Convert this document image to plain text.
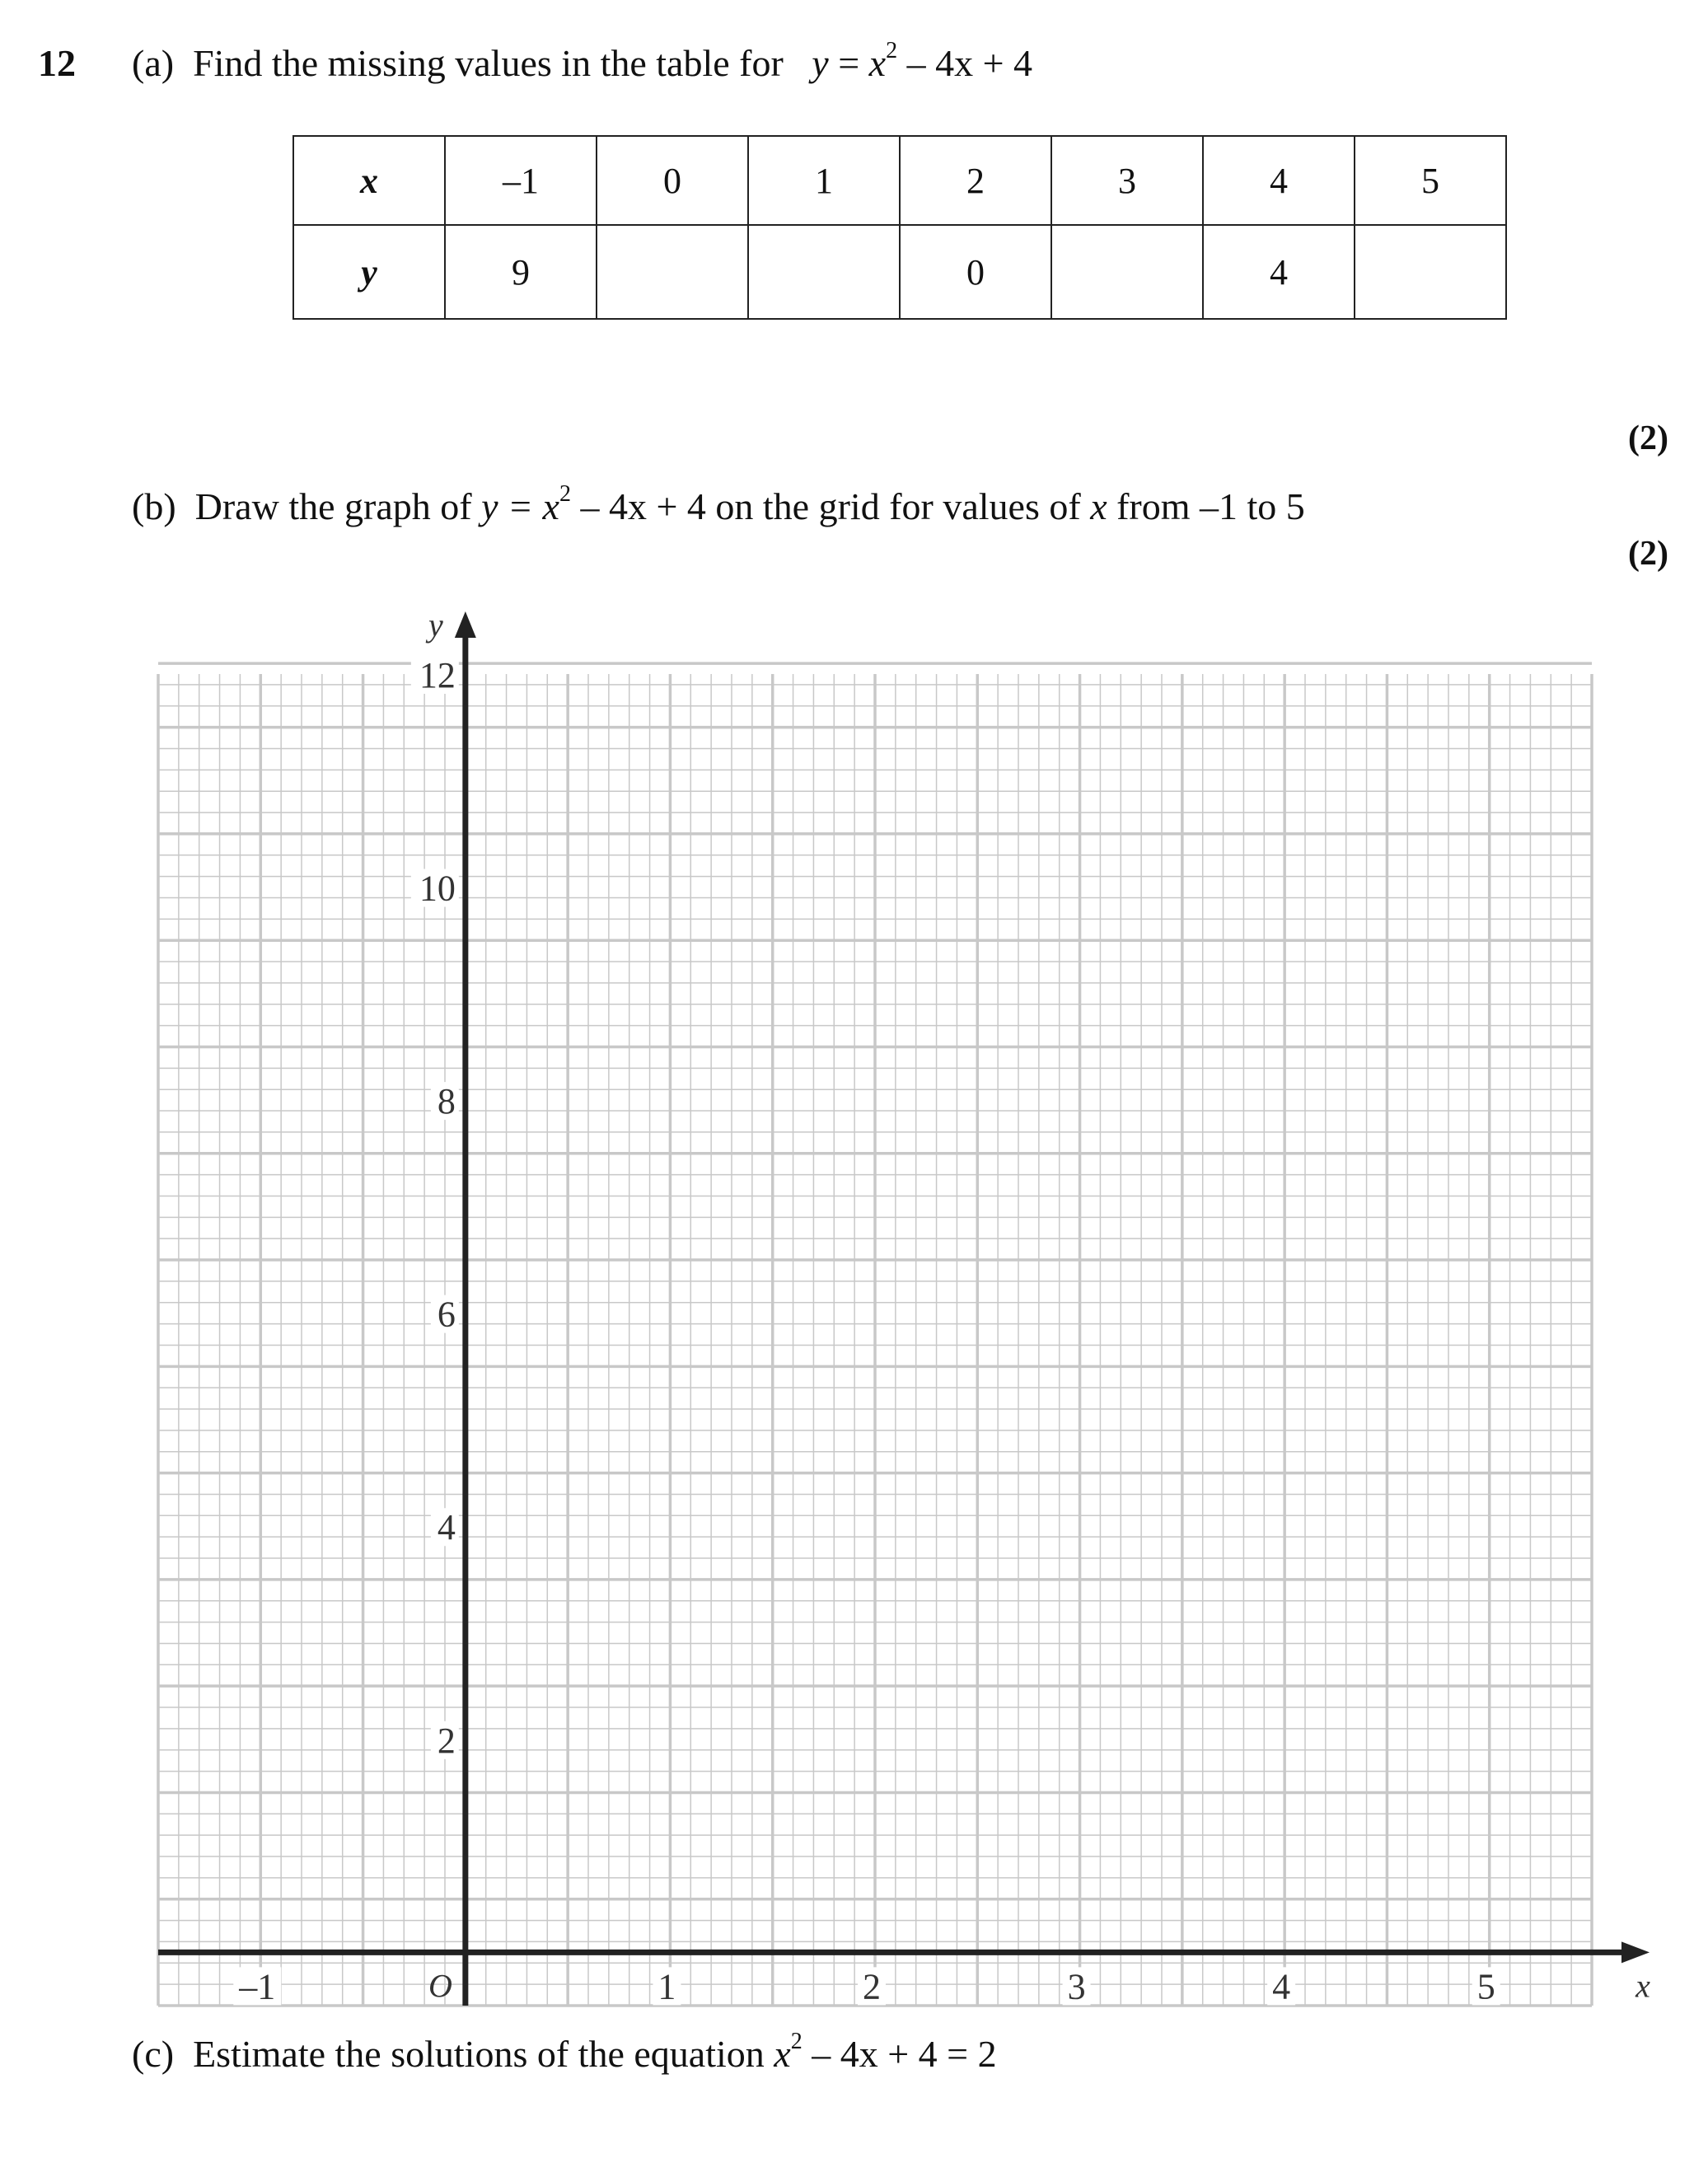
12 (a) Find the missing values in the table for $y = x^2 - 4x + 4$
x	–1	0	1	2	3	4	5
y	9			0		4	
(2)
(b) Draw the graph of $y = x^2 - 4x + 4$ on the grid for values of x from –1 to 5
(2)
–1	1	2	3	4	5
2
4
6
8
10
12
O	x
y
(c) Estimate the solutions of the equation $x^2 - 4x + 4 = 2$
